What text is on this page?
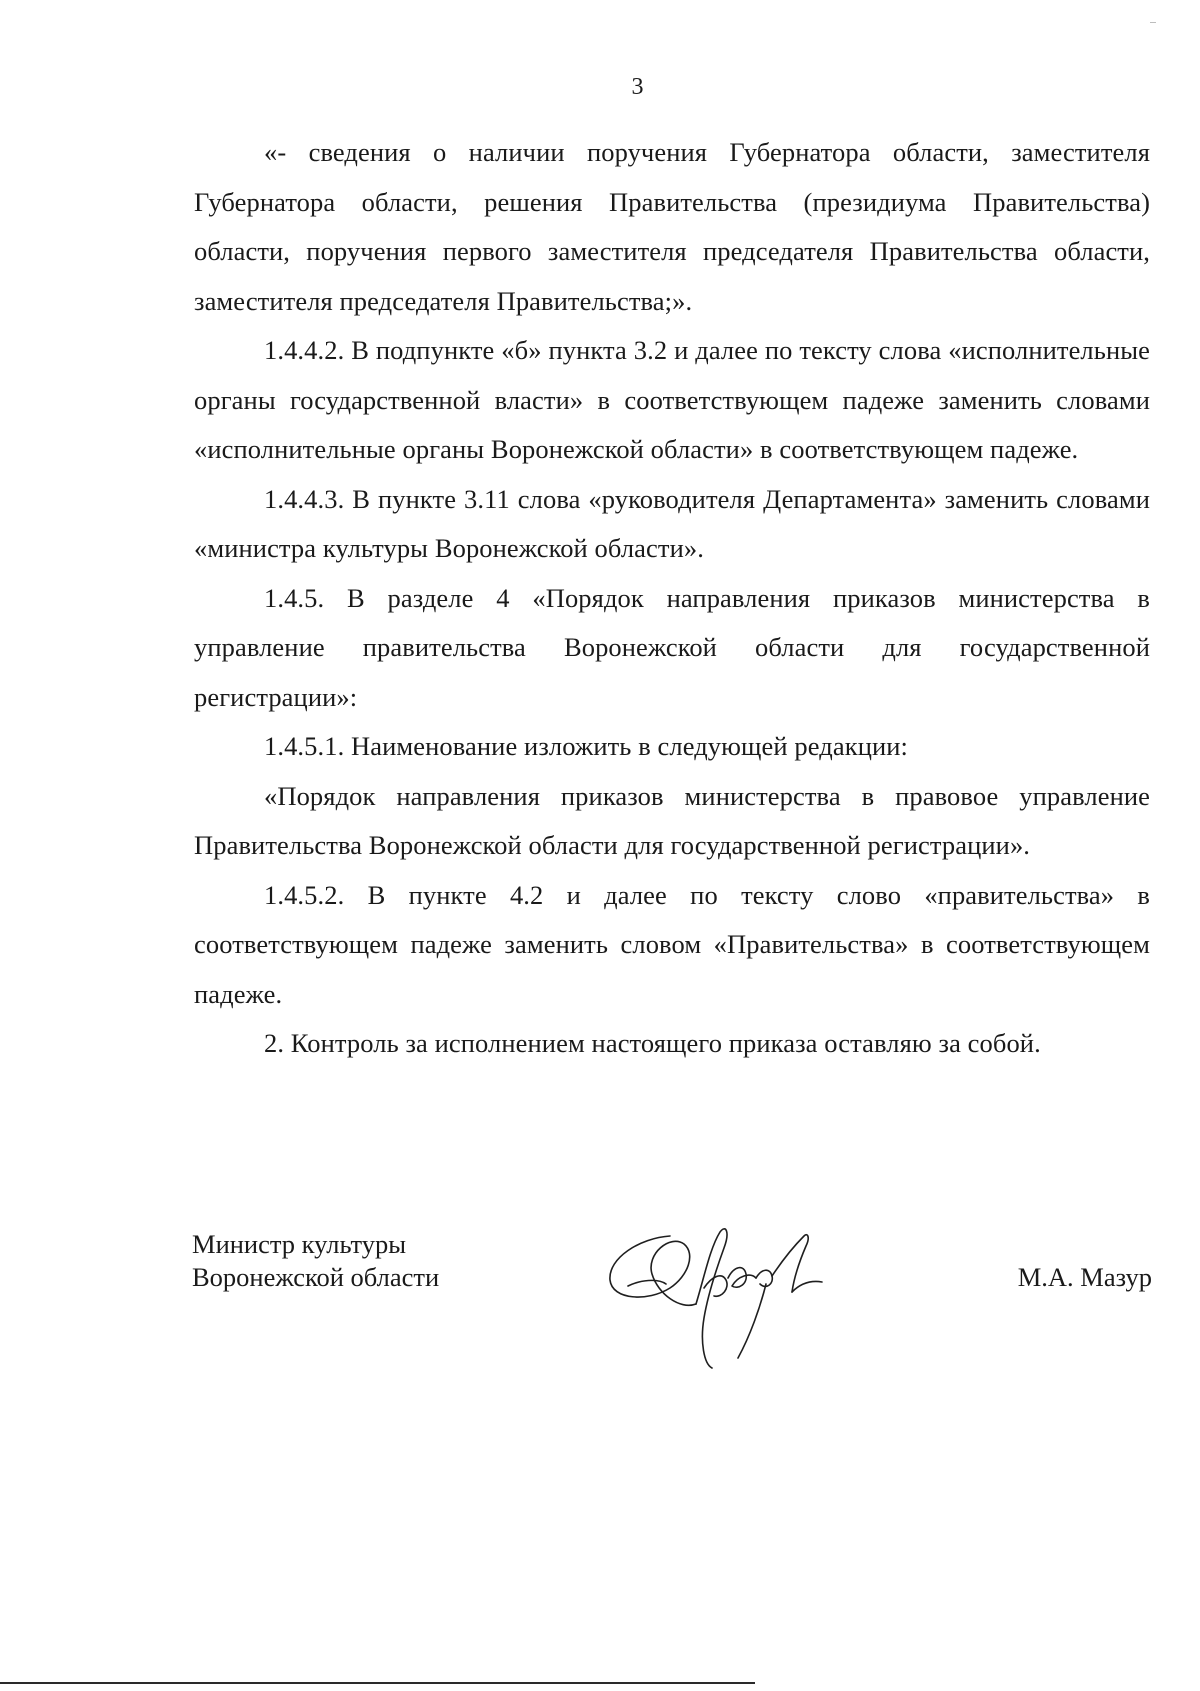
3

«- сведения о наличии поручения Губернатора области, заместителя Губернатора области, решения Правительства (президиума Правительства) области, поручения первого заместителя председателя Правительства области, заместителя председателя Правительства;».

1.4.4.2. В подпункте «б» пункта 3.2 и далее по тексту слова «исполнительные органы государственной власти» в соответствующем падеже заменить словами «исполнительные органы Воронежской области» в соответствующем падеже.

1.4.4.3. В пункте 3.11 слова «руководителя Департамента» заменить словами «министра культуры Воронежской области».

1.4.5. В разделе 4 «Порядок направления приказов министерства в управление правительства Воронежской области для государственной регистрации»:

1.4.5.1. Наименование изложить в следующей редакции:

«Порядок направления приказов министерства в правовое управление Правительства Воронежской области для государственной регистрации».

1.4.5.2. В пункте 4.2 и далее по тексту слово «правительства» в соответствующем падеже заменить словом «Правительства» в соответствующем падеже.

2. Контроль за исполнением настоящего приказа оставляю за собой.

Министр культуры
Воронежской области	М.А. Мазур
